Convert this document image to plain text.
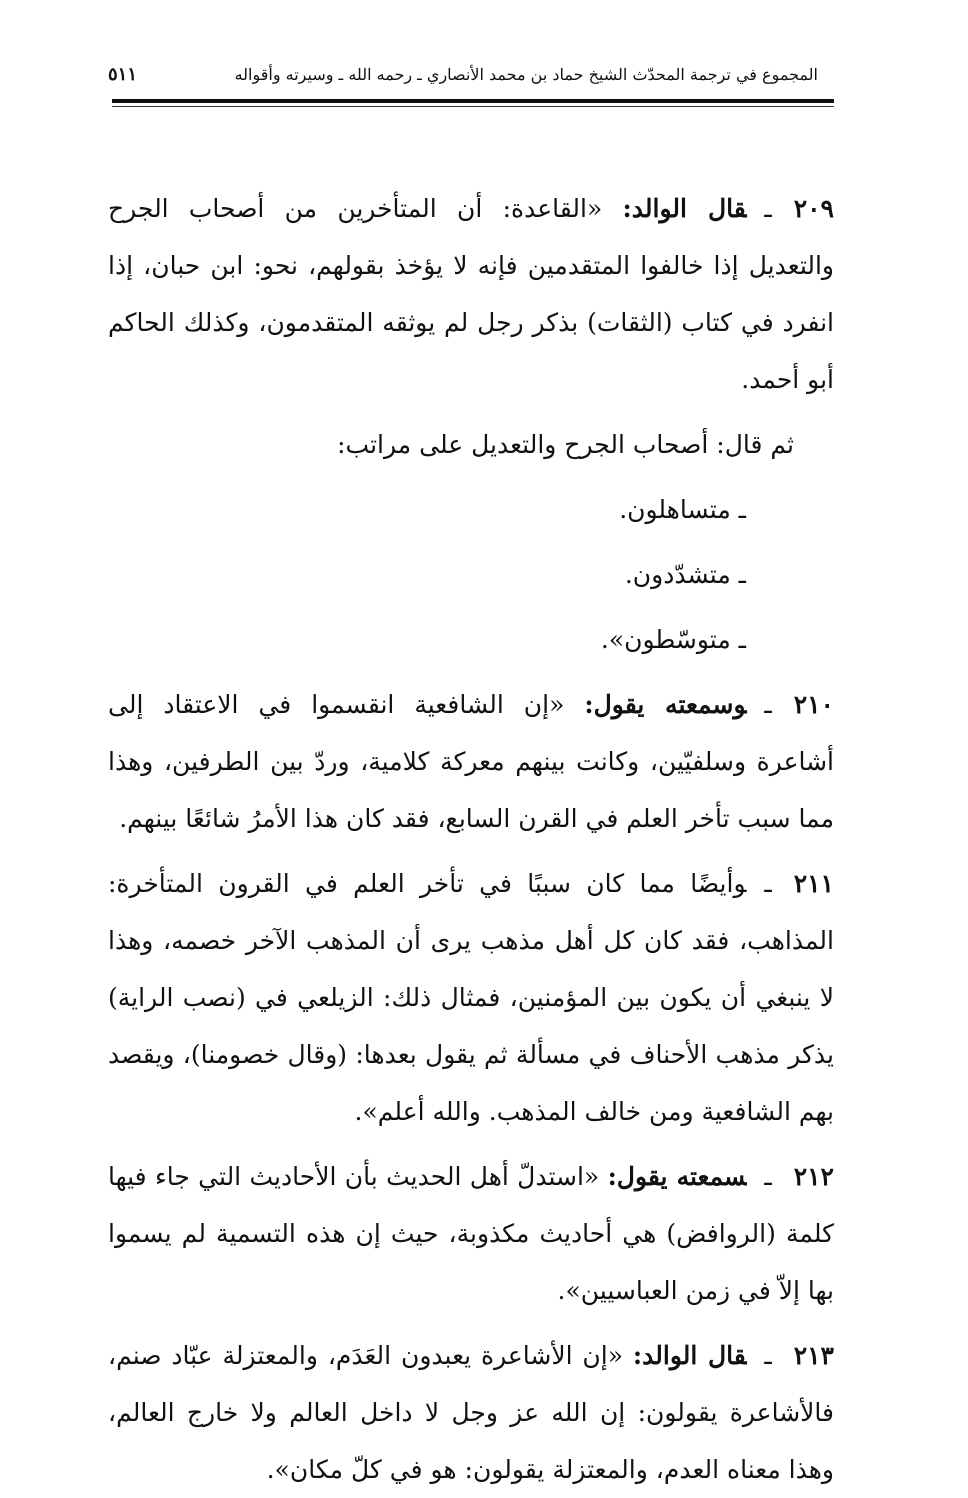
المجموع في ترجمة المحدّث الشيخ حماد بن محمد الأنصاري ـ رحمه الله ـ وسيرته وأقواله
٥١١

٢٠٩ـقال الوالد: «القاعدة: أن المتأخرين من أصحاب الجرح والتعديل إذا خالفوا المتقدمين فإنه لا يؤخذ بقولهم، نحو: ابن حبان، إذا انفرد في كتاب (الثقات) بذكر رجل لم يوثقه المتقدمون، وكذلك الحاكم أبو أحمد.

ثم قال: أصحاب الجرح والتعديل على مراتب:

ـ متساهلون.

ـ متشدّدون.

ـ متوسّطون».

٢١٠ـوسمعته يقول: «إن الشافعية انقسموا في الاعتقاد إلى أشاعرة وسلفيّين، وكانت بينهم معركة كلامية، وردّ بين الطرفين، وهذا مما سبب تأخر العلم في القرن السابع، فقد كان هذا الأمرُ شائعًا بينهم.

٢١١ـوأيضًا مما كان سببًا في تأخر العلم في القرون المتأخرة: المذاهب، فقد كان كل أهل مذهب يرى أن المذهب الآخر خصمه، وهذا لا ينبغي أن يكون بين المؤمنين، فمثال ذلك: الزيلعي في (نصب الراية) يذكر مذهب الأحناف في مسألة ثم يقول بعدها: (وقال خصومنا)، ويقصد بهم الشافعية ومن خالف المذهب. والله أعلم».

٢١٢ـسمعته يقول: «استدلّ أهل الحديث بأن الأحاديث التي جاء فيها كلمة (الروافض) هي أحاديث مكذوبة، حيث إن هذه التسمية لم يسموا بها إلاّ في زمن العباسيين».

٢١٣ـقال الوالد: «إن الأشاعرة يعبدون العَدَم، والمعتزلة عبّاد صنم، فالأشاعرة يقولون: إن الله عز وجل لا داخل العالم ولا خارج العالم، وهذا معناه العدم، والمعتزلة يقولون: هو في كلّ مكان».
